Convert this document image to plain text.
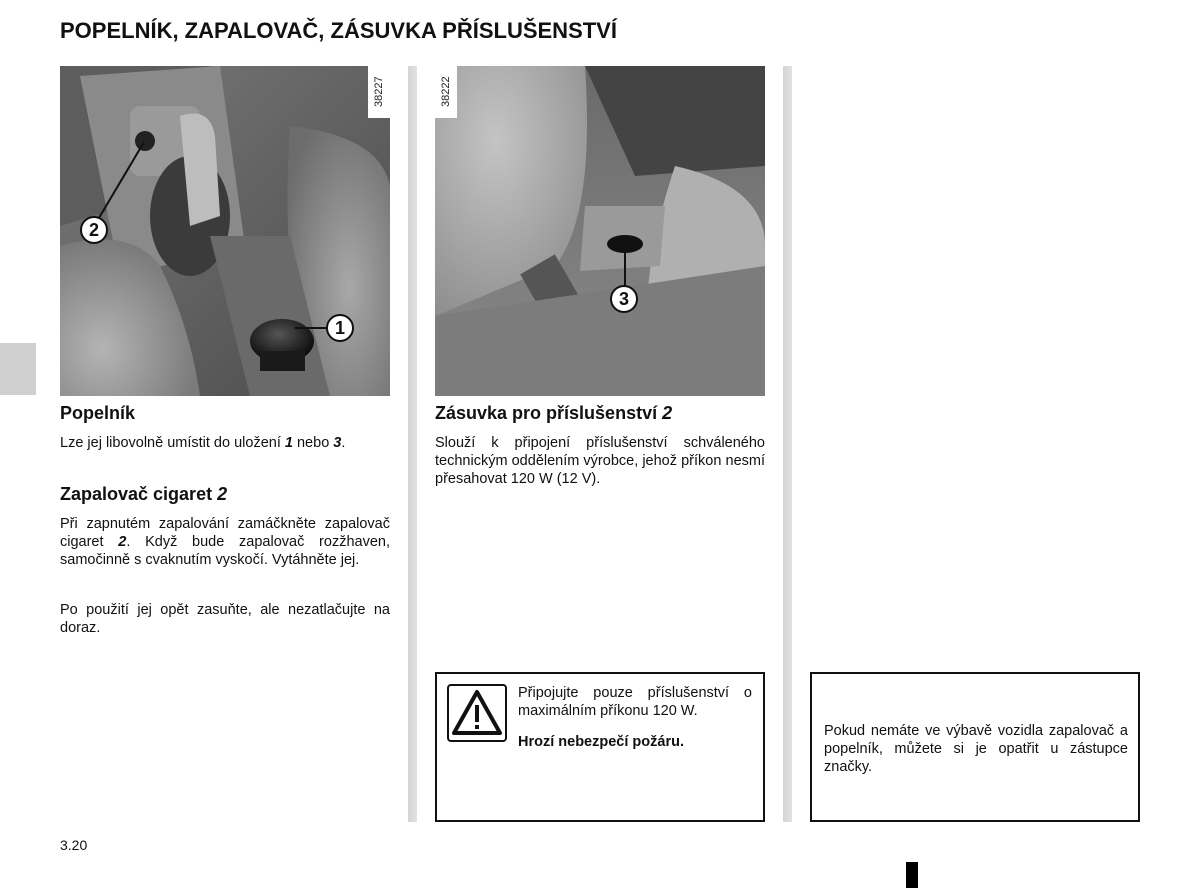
POPELNÍK, ZAPALOVAČ, ZÁSUVKA PŘÍSLUŠENSTVÍ
38227
2
1
38222
3
Popelník
Lze jej libovolně umístit do uložení 1 nebo 3.
Zapalovač cigaret 2
Při zapnutém zapalování zamáčkněte zapalovač cigaret 2. Když bude zapalovač rozžhaven, samočinně s cvaknutím vyskočí. Vytáhněte jej.
Po použití jej opět zasuňte, ale nezatlačujte na doraz.
Zásuvka pro příslušenství 2
Slouží k připojení příslušenství schváleného technickým oddělením výrobce, jehož příkon nesmí přesahovat 120 W (12 V).
Připojujte pouze příslušenství o maximálním příkonu 120 W.
Hrozí nebezpečí požáru.
Pokud nemáte ve výbavě vozidla zapalovač a popelník, můžete si je opatřit u zástupce značky.
3.20
